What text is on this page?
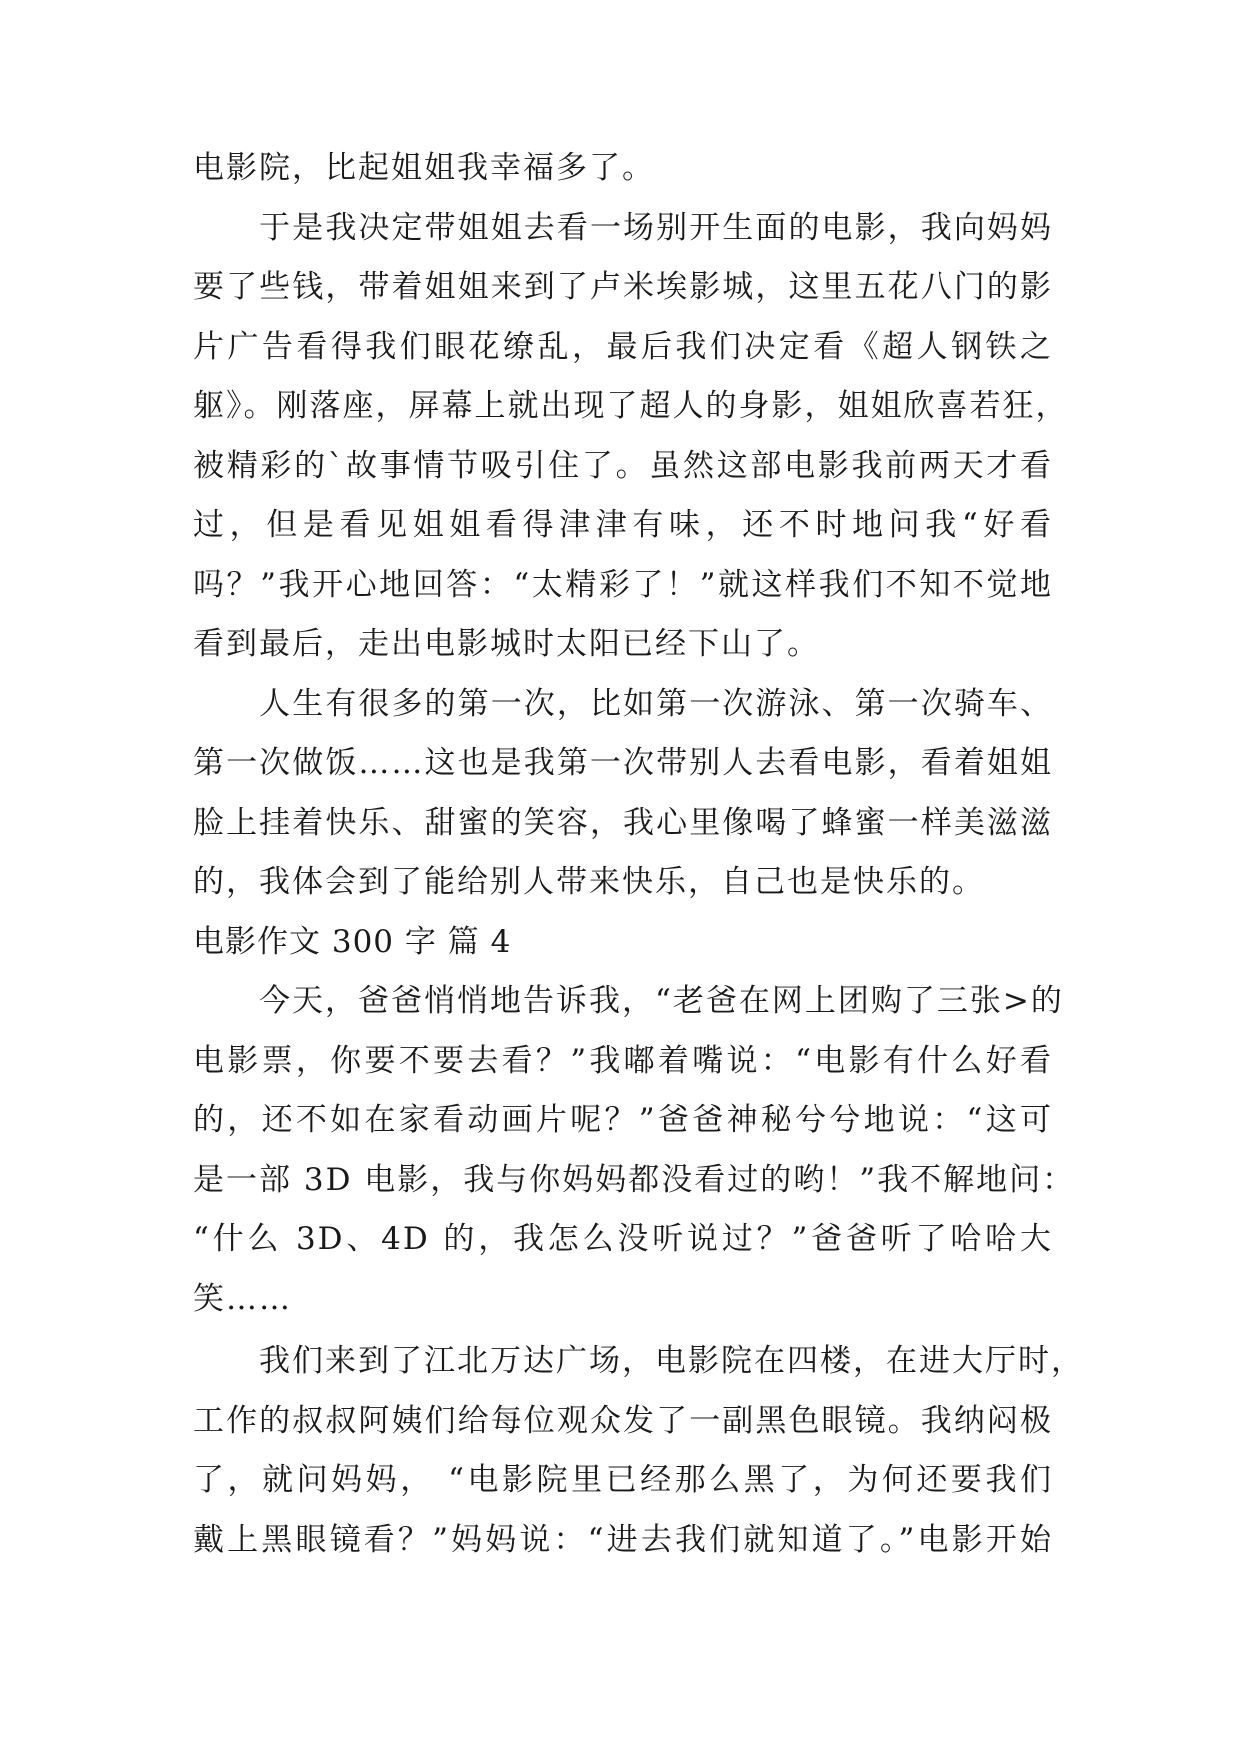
电影院，比起姐姐我幸福多了。
　　于是我决定带姐姐去看一场别开生面的电影，我向妈妈
要了些钱，带着姐姐来到了卢米埃影城，这里五花八门的影
片广告看得我们眼花缭乱，最后我们决定看《超人钢铁之
躯》。刚落座，屏幕上就出现了超人的身影，姐姐欣喜若狂，
被精彩的`故事情节吸引住了。虽然这部电影我前两天才看
过，但是看见姐姐看得津津有味，还不时地问我“好看
吗？”我开心地回答：“太精彩了！”就这样我们不知不觉地
看到最后，走出电影城时太阳已经下山了。
　　人生有很多的第一次，比如第一次游泳、第一次骑车、
第一次做饭……这也是我第一次带别人去看电影，看着姐姐
脸上挂着快乐、甜蜜的笑容，我心里像喝了蜂蜜一样美滋滋
的，我体会到了能给别人带来快乐，自己也是快乐的。
电影作文 300 字 篇 4
　　今天，爸爸悄悄地告诉我，“老爸在网上团购了三张>的
电影票，你要不要去看？”我嘟着嘴说：“电影有什么好看
的，还不如在家看动画片呢？”爸爸神秘兮兮地说：“这可
是一部 3D 电影，我与你妈妈都没看过的哟！”我不解地问：
“什么 3D、4D 的，我怎么没听说过？”爸爸听了哈哈大
笑……
　　我们来到了江北万达广场，电影院在四楼，在进大厅时，
工作的叔叔阿姨们给每位观众发了一副黑色眼镜。我纳闷极
了，就问妈妈， “电影院里已经那么黑了，为何还要我们
戴上黑眼镜看？”妈妈说：“进去我们就知道了。”电影开始
